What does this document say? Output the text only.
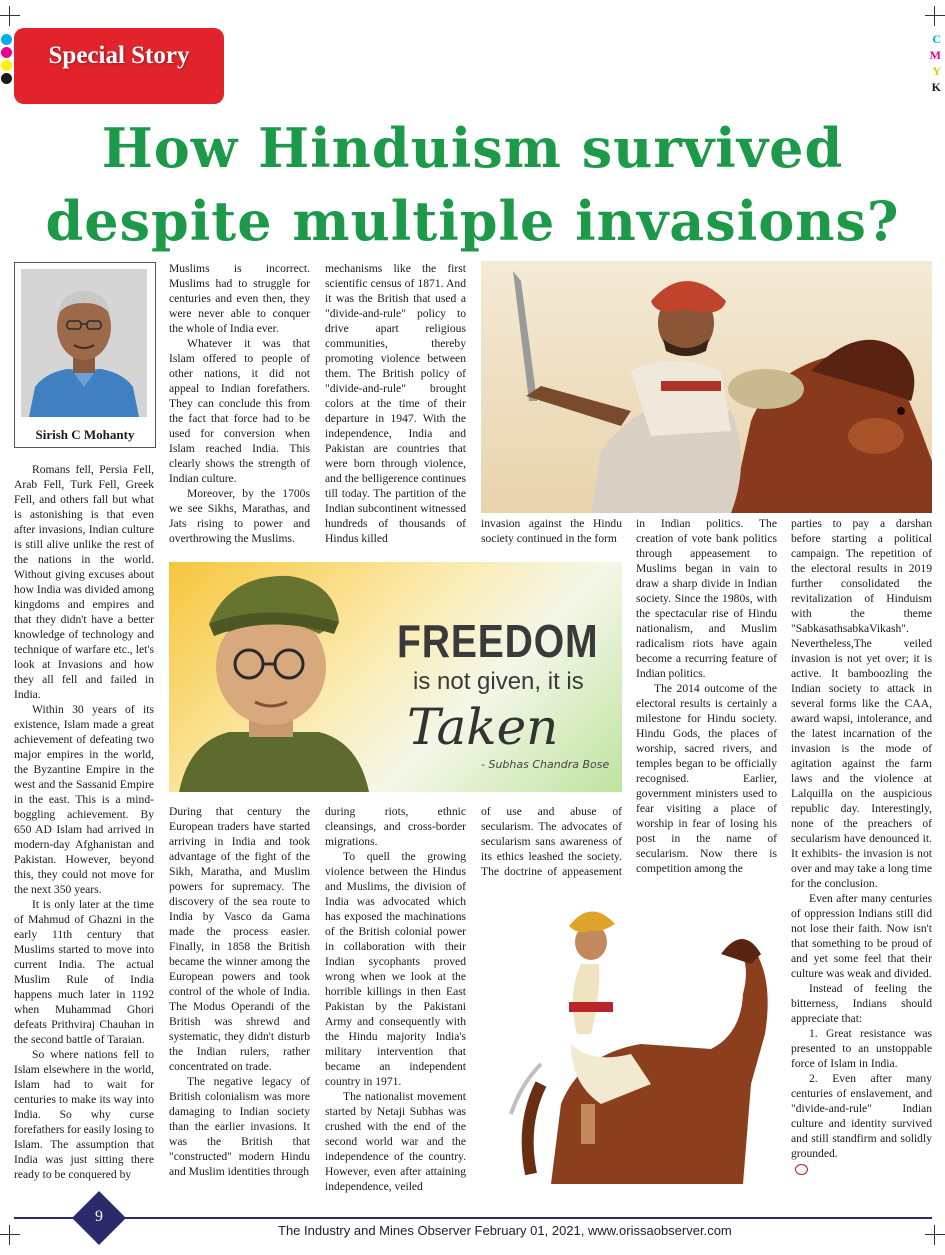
C
M
Y
K
Special Story
How Hinduism survived
despite multiple invasions?
Sirish C Mohanty

Romans fell, Persia Fell, Arab Fell, Turk Fell, Greek Fell, and others fall but what is astonishing is that even after invasions, Indian culture is still alive unlike the rest of the nations in the world. Without giving excuses about how India was divided among kingdoms and empires and that they didn't have a better knowledge of technology and technique of warfare etc., let's look at Invasions and how they all fell and failed in India.

Within 30 years of its existence, Islam made a great achievement of defeating two major empires in the world, the Byzantine Empire in the west and the Sassanid Empire in the east. This is a mind-boggling achievement. By 650 AD Islam had arrived in modern-day Afghanistan and Pakistan. However, beyond this, they could not move for the next 350 years.

It is only later at the time of Mahmud of Ghazni in the early 11th century that Muslims started to move into current India. The actual Muslim Rule of India happens much later in 1192 when Muhammad Ghori defeats Prithviraj Chauhan in the second battle of Taraian.

So where nations fell to Islam elsewhere in the world, Islam had to wait for centuries to make its way into India. So why curse forefathers for easily losing to Islam. The assumption that India was just sitting there ready to be conquered by

Muslims is incorrect. Muslims had to struggle for centuries and even then, they were never able to conquer the whole of India ever.

Whatever it was that Islam offered to people of other nations, it did not appeal to Indian forefathers. They can conclude this from the fact that force had to be used for conversion when Islam reached India. This clearly shows the strength of Indian culture.

Moreover, by the 1700s we see Sikhs, Marathas, and Jats rising to power and overthrowing the Muslims.

mechanisms like the first scientific census of 1871. And it was the British that used a "divide-and-rule" policy to drive apart religious communities, thereby promoting violence between them. The British policy of "divide-and-rule" brought colors at the time of their departure in 1947. With the independence, India and Pakistan are countries that were born through violence, and the belligerence continues till today. The partition of the Indian subcontinent witnessed hundreds of thousands of Hindus killed

invasion against the Hindu society continued in the form

in Indian politics. The creation of vote bank politics through appeasement to Muslims began in vain to draw a sharp divide in Indian society. Since the 1980s, with the spectacular rise of Hindu nationalism, and Muslim radicalism riots have again become a recurring feature of Indian politics.

The 2014 outcome of the electoral results is certainly a milestone for Hindu society. Hindu Gods, the places of worship, sacred rivers, and temples began to be officially recognised. Earlier, government ministers used to fear visiting a place of worship in fear of losing his post in the name of secularism. Now there is competition among the

parties to pay a darshan before starting a political campaign. The repetition of the electoral results in 2019 further consolidated the revitalization of Hinduism with the theme "SabkasathsabkaVikash". Nevertheless,The veiled invasion is not yet over; it is active. It bamboozling the Indian society to attack in several forms like the CAA, award wapsi, intolerance, and the latest incarnation of the invasion is the mode of agitation against the farm laws and the violence at Lalquilla on the auspicious republic day. Interestingly, none of the preachers of secularism have denounced it. It exhibits- the invasion is not over and may take a long time for the conclusion.

Even after many centuries of oppression Indians still did not lose their faith. Now isn't that something to be proud of and yet some feel that their culture was weak and divided.

Instead of feeling the bitterness, Indians should appreciate that:

1. Great resistance was presented to an unstoppable force of Islam in India.

2. Even after many centuries of enslavement, and "divide-and-rule" Indian culture and identity survived and still standfirm and solidly grounded.

FREEDOM
is not given, it is
Taken
- Subhas Chandra Bose

During that century the European traders have started arriving in India and took advantage of the fight of the Sikh, Maratha, and Muslim powers for supremacy. The discovery of the sea route to India by Vasco da Gama made the process easier. Finally, in 1858 the British became the winner among the European powers and took control of the whole of India. The Modus Operandi of the British was shrewd and systematic, they didn't disturb the Indian rulers, rather concentrated on trade.

The negative legacy of British colonialism was more damaging to Indian society than the earlier invasions. It was the British that "constructed" modern Hindu and Muslim identities through

during riots, ethnic cleansings, and cross-border migrations.

To quell the growing violence between the Hindus and Muslims, the division of India was advocated which has exposed the machinations of the British colonial power in collaboration with their Indian sycophants proved wrong when we look at the horrible killings in then East Pakistan by the Pakistani Army and consequently with the Hindu majority India's military intervention that became an independent country in 1971.

The nationalist movement started by Netaji Subhas was crushed with the end of the second world war and the independence of the country. However, even after attaining independence, veiled

of use and abuse of secularism. The advocates of secularism sans awareness of its ethics leashed the society. The doctrine of appeasement

9
The Industry and Mines Observer February 01, 2021, www.orissaobserver.com
